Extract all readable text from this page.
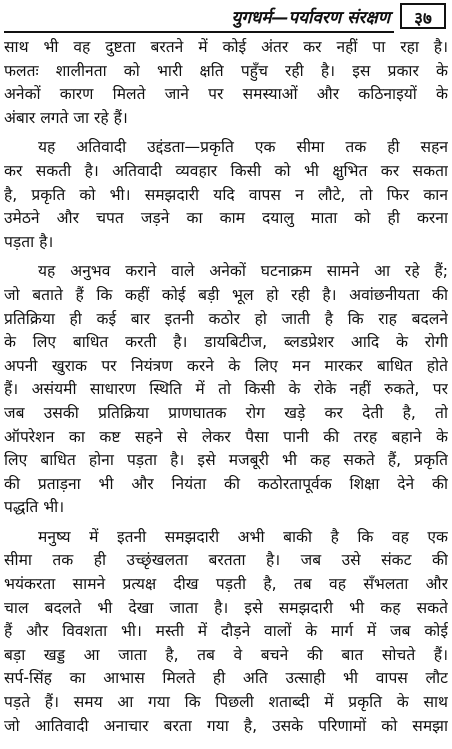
युगधर्म—पर्यावरण संरक्षण	३७
साथ भी वह दुष्टता बरतने में कोई अंतर कर नहीं पा रहा है।
फलतः शालीनता को भारी क्षति पहुँच रही है। इस प्रकार के
अनेकों कारण मिलते जाने पर समस्याओं और कठिनाइयों के
अंबार लगते जा रहे हैं।
यह अतिवादी उद्दंडता—प्रकृति एक सीमा तक ही सहन
कर सकती है। अतिवादी व्यवहार किसी को भी क्षुभित कर सकता
है, प्रकृति को भी। समझदारी यदि वापस न लौटे, तो फिर कान
उमेठने और चपत जड़ने का काम दयालु माता को ही करना
पड़ता है।
यह अनुभव कराने वाले अनेकों घटनाक्रम सामने आ रहे हैं;
जो बताते हैं कि कहीं कोई बड़ी भूल हो रही है। अवांछनीयता की
प्रतिक्रिया ही कई बार इतनी कठोर हो जाती है कि राह बदलने
के लिए बाधित करती है। डायबिटीज, ब्लडप्रेशर आदि के रोगी
अपनी खुराक पर नियंत्रण करने के लिए मन मारकर बाधित होते
हैं। असंयमी साधारण स्थिति में तो किसी के रोके नहीं रुकते, पर
जब उसकी प्रतिक्रिया प्राणघातक रोग खड़े कर देती है, तो
ऑपरेशन का कष्ट सहने से लेकर पैसा पानी की तरह बहाने के
लिए बाधित होना पड़ता है। इसे मजबूरी भी कह सकते हैं, प्रकृति
की प्रताड़ना भी और नियंता की कठोरतापूर्वक शिक्षा देने की
पद्धति भी।
मनुष्य में इतनी समझदारी अभी बाकी है कि वह एक
सीमा तक ही उच्छृंखलता बरतता है। जब उसे संकट की
भयंकरता सामने प्रत्यक्ष दीख पड़ती है, तब वह सँभलता और
चाल बदलते भी देखा जाता है। इसे समझदारी भी कह सकते
हैं और विवशता भी। मस्ती में दौड़ने वालों के मार्ग में जब कोई
बड़ा खड्ड आ जाता है, तब वे बचने की बात सोचते हैं।
सर्प-सिंह का आभास मिलते ही अति उत्साही भी वापस लौट
पड़ते हैं। समय आ गया कि पिछली शताब्दी में प्रकृति के साथ
जो आतिवादी अनाचार बरता गया है, उसके परिणामों को समझा
